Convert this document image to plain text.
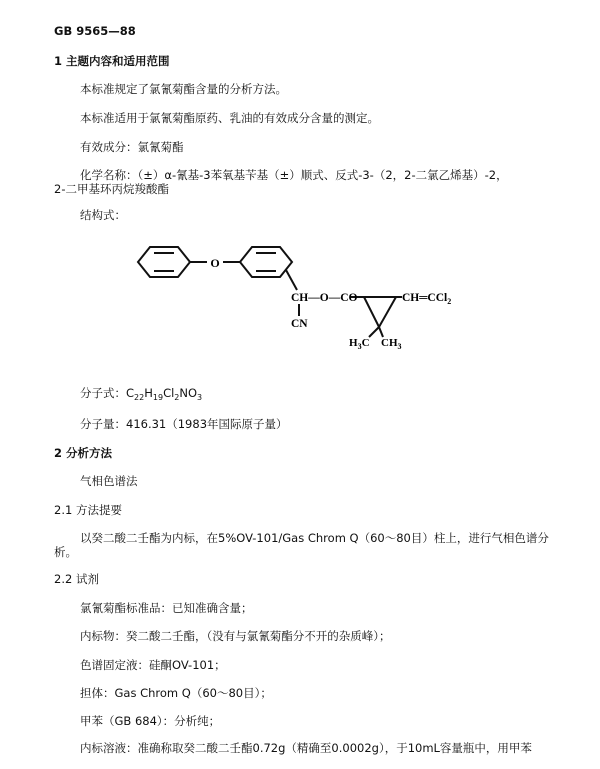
GB 9565—88
1 主题内容和适用范围
本标准规定了氯氰菊酯含量的分析方法。
本标准适用于氯氰菊酯原药、乳油的有效成分含量的测定。
有效成分：氯氰菊酯
化学名称：（±）α-氰基-3苯氧基苄基（±）顺式、反式-3-（2，2-二氯乙烯基）-2，
2-二甲基环丙烷羧酸酯
结构式：
O
CH—O—CO	CH═CCl$_2$
CN
$H_3C$ $CH_3$
分子式：$C_{22}H_{19}Cl_2NO_3$
分子量：416.31（1983年国际原子量）
2 分析方法
气相色谱法
2.1 方法提要
以癸二酸二壬酯为内标，在5%OV-101/Gas Chrom Q（60～80目）柱上，进行气相色谱分
析。
2.2 试剂
氯氰菊酯标准品：已知准确含量；
内标物：癸二酸二壬酯，（没有与氯氰菊酯分不开的杂质峰）；
色谱固定液：硅酮OV-101；
担体：Gas Chrom Q（60～80目）；
甲苯（GB 684）：分析纯；
内标溶液：准确称取癸二酸二壬酯0.72g（精确至0.0002g），于10mL容量瓶中，用甲苯
